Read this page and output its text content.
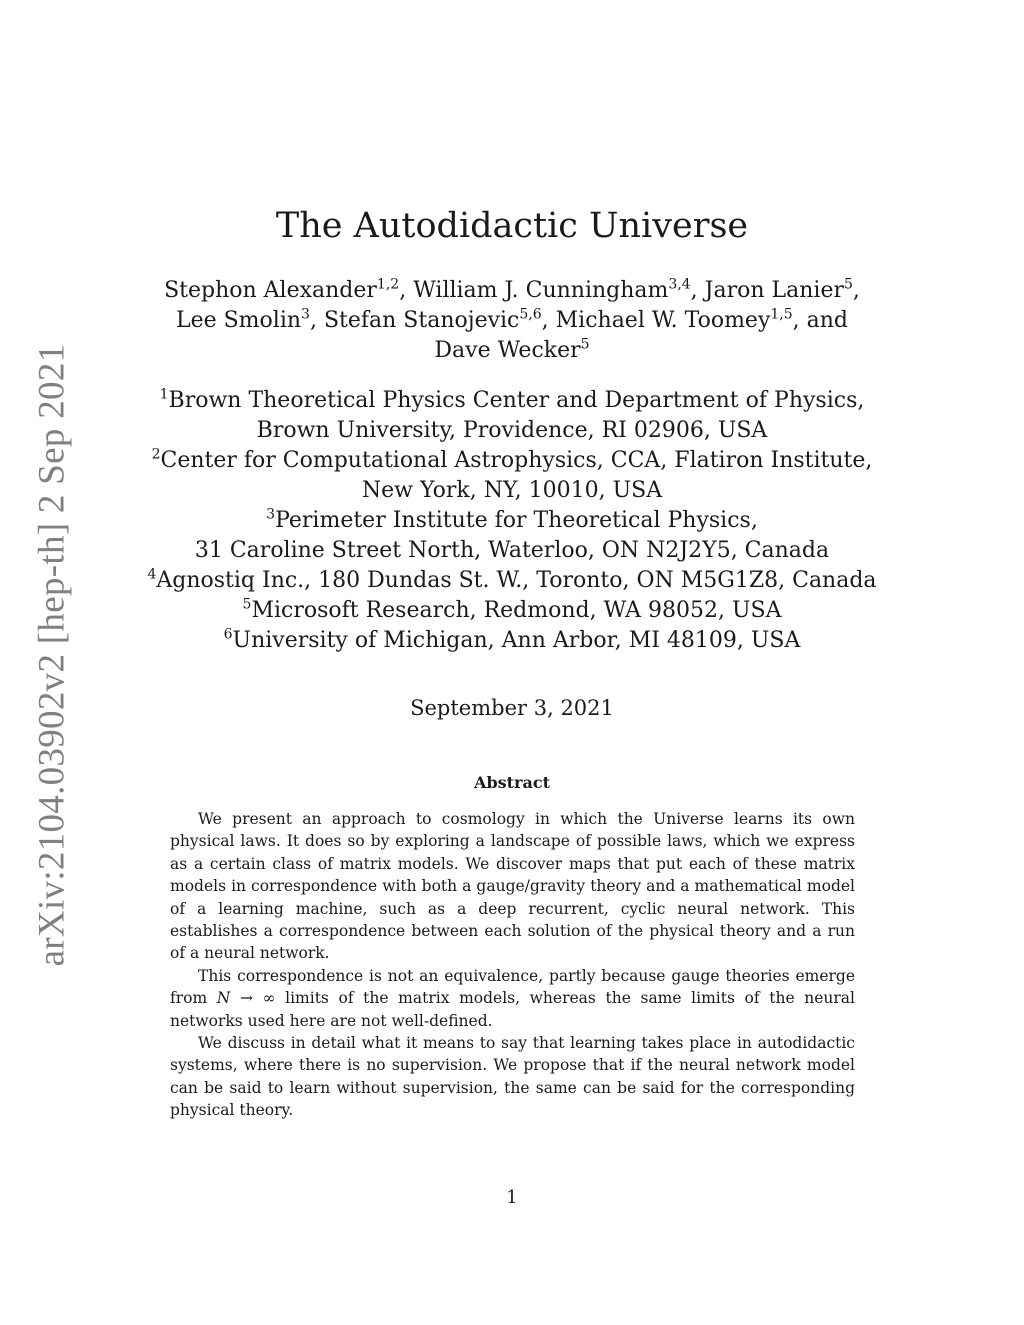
arXiv:2104.03902v2 [hep-th] 2 Sep 2021
The Autodidactic Universe
Stephon Alexander$^{1,2}$, William J. Cunningham$^{3,4}$, Jaron Lanier$^5$,
Lee Smolin$^3$, Stefan Stanojevic$^{5,6}$, Michael W. Toomey$^{1,5}$, and Dave Wecker$^5$
$^1$Brown Theoretical Physics Center and Department of Physics, Brown University, Providence, RI 02906, USA
$^2$Center for Computational Astrophysics, CCA, Flatiron Institute, New York, NY, 10010, USA
$^3$Perimeter Institute for Theoretical Physics,
31 Caroline Street North, Waterloo, ON N2J2Y5, Canada
$^4$Agnostiq Inc., 180 Dundas St. W., Toronto, ON M5G1Z8, Canada
$^5$Microsoft Research, Redmond, WA 98052, USA
$^6$University of Michigan, Ann Arbor, MI 48109, USA
September 3, 2021
Abstract

We present an approach to cosmology in which the Universe learns its own physical laws. It does so by exploring a landscape of possible laws, which we express as a certain class of matrix models. We discover maps that put each of these matrix models in correspondence with both a gauge/gravity theory and a mathematical model of a learning machine, such as a deep recurrent, cyclic neural network. This establishes a correspondence between each solution of the physical theory and a run of a neural network.

This correspondence is not an equivalence, partly because gauge theories emerge from N → ∞ limits of the matrix models, whereas the same limits of the neural networks used here are not well-defined.

We discuss in detail what it means to say that learning takes place in autodidactic systems, where there is no supervision. We propose that if the neural network model can be said to learn without supervision, the same can be said for the corresponding physical theory.

1
